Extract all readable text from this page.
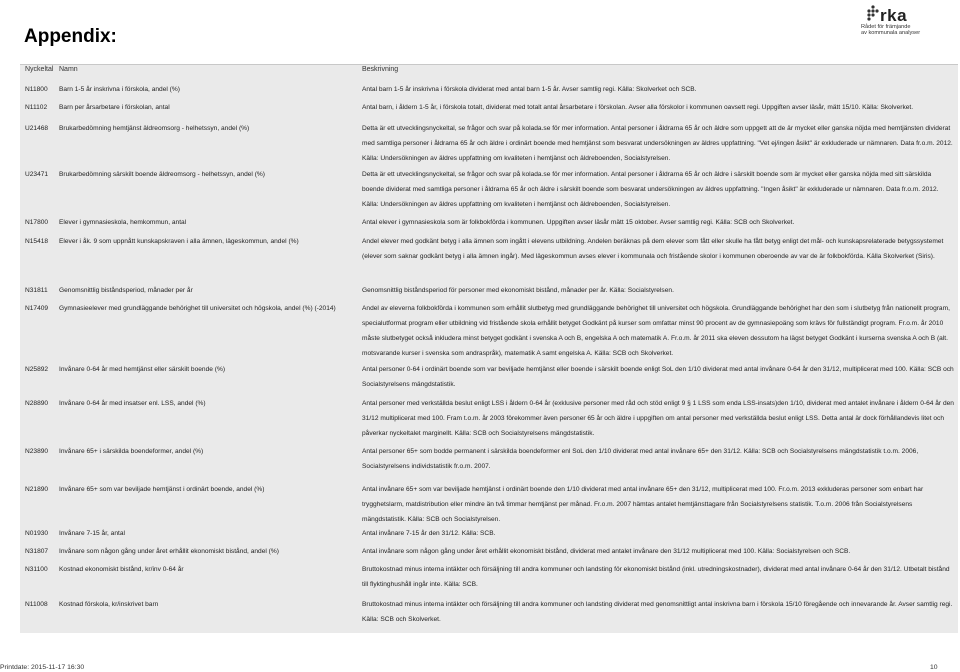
Appendix:
rka
Rådet för främjande
av kommunala analyser
Nyckeltal Namn	Beskrivning
N11800	Barn 1-5 år inskrivna i förskola, andel (%)	Antal barn 1-5 år inskrivna i förskola dividerat med antal barn 1-5 år. Avser samtlig regi. Källa: Skolverket och SCB.
N11102	Barn per årsarbetare i förskolan, antal	Antal barn, i åldern 1-5 år, i förskola totalt, dividerat med totalt antal årsarbetare i förskolan. Avser alla förskolor i kommunen oavsett regi. Uppgiften avser läsår, mätt 15/10. Källa: Skolverket.
U21468	Brukarbedömning hemtjänst äldreomsorg - helhetssyn, andel (%)	Detta är ett utvecklingsnyckeltal, se frågor och svar på kolada.se för mer information. Antal personer i åldrarna 65 år och äldre som uppgett att de är mycket eller ganska nöjda med hemtjänsten dividerat med samtliga personer i åldrarna 65 år och äldre i ordinärt boende med hemtjänst som besvarat undersökningen av äldres uppfattning. "Vet ej/ingen åsikt" är exkluderade ur nämnaren. Data fr.o.m. 2012. Källa: Undersökningen av äldres uppfattning om kvaliteten i hemtjänst och äldreboenden, Socialstyrelsen.
U23471	Brukarbedömning särskilt boende äldreomsorg - helhetssyn, andel (%)	Detta är ett utvecklingsnyckeltal, se frågor och svar på kolada.se för mer information. Antal personer i åldrarna 65 år och äldre i särskilt boende som är mycket eller ganska nöjda med sitt särskilda boende dividerat med samtliga personer i åldrarna 65 år och äldre i särskilt boende som besvarat undersökningen av äldres uppfattning. "Ingen åsikt" är exkluderade ur nämnaren. Data fr.o.m. 2012. Källa: Undersökningen av äldres uppfattning om kvaliteten i hemtjänst och äldreboenden, Socialstyrelsen.
N17800	Elever i gymnasieskola, hemkommun, antal	Antal elever i gymnasieskola som är folkbokförda i kommunen. Uppgiften avser läsår mätt 15 oktober. Avser samtlig regi. Källa: SCB och Skolverket.
N15418	Elever i åk. 9 som uppnått kunskapskraven i alla ämnen, lägeskommun, andel (%)	Andel elever med godkänt betyg i alla ämnen som ingått i elevens utbildning. Andelen beräknas på dem elever som fått eller skulle ha fått betyg enligt det mål- och kunskapsrelaterade betygssystemet (elever som saknar godkänt betyg i alla ämnen ingår). Med lägeskommun avses elever i kommunala och fristående skolor i kommunen oberoende av var de är folkbokförda. Källa Skolverket (Siris).
N31811	Genomsnittlig biståndsperiod, månader per år	Genomsnittlig biståndsperiod för personer med ekonomiskt bistånd, månader per år. Källa: Socialstyrelsen.
N17409	Gymnasieelever med grundläggande behörighet till universitet och högskola, andel (%) (-2014)	Andel av eleverna folkbokförda i kommunen som erhållit slutbetyg med grundläggande behörighet till universitet och högskola. Grundläggande behörighet har den som i slutbetyg från nationellt program, specialutformat program eller utbildning vid fristående skola erhållit betyget Godkänt på kurser som omfattar minst 90 procent av de gymnasiepoäng som krävs för fullständigt program. Fr.o.m. år 2010 måste slutbetyget också inkludera minst betyget godkänt i svenska A och B, engelska A och matematik A. Fr.o.m. år 2011 ska eleven dessutom ha lägst betyget Godkänt i kurserna svenska A och B (alt. motsvarande kurser i svenska som andraspråk), matematik A samt engelska A. Källa: SCB och Skolverket.
N25892	Invånare 0-64 år med hemtjänst eller särskilt boende (%)	Antal personer 0-64 i ordinärt boende som var beviljade hemtjänst eller boende i särskilt boende enligt SoL den 1/10 dividerat med antal invånare 0-64 år den 31/12, multiplicerat med 100. Källa: SCB och Socialstyrelsens mängdstatistik.
N28890	Invånare 0-64 år med insatser enl. LSS, andel (%)	Antal personer med verkställda beslut enligt LSS i åldern 0-64 år (exklusive personer med råd och stöd enligt 9 § 1 LSS som enda LSS-insats)den 1/10, dividerat med antalet invånare i åldern 0-64 år den 31/12 multiplicerat med 100. Fram t.o.m. år 2003 förekommer även personer 65 år och äldre i uppgiften om antal personer med verkställda beslut enligt LSS. Detta antal är dock förhållandevis litet och påverkar nyckeltalet marginellt. Källa: SCB och Socialstyrelsens mängdstatistik.
N23890	Invånare 65+ i särskilda boendeformer, andel (%)	Antal personer 65+ som bodde permanent i särskilda boendeformer enl SoL den 1/10 dividerat med antal invånare 65+ den 31/12. Källa: SCB och Socialstyrelsens mängdstatistik t.o.m. 2006, Socialstyrelsens individstatistik fr.o.m. 2007.
N21890	Invånare 65+ som var beviljade hemtjänst i ordinärt boende, andel (%)	Antal invånare 65+ som var beviljade hemtjänst i ordinärt boende den 1/10 dividerat med antal invånare 65+ den 31/12, multiplicerat med 100. Fr.o.m. 2013 exkluderas personer som enbart har trygghetslarm, matdistribution eller mindre än två timmar hemtjänst per månad. Fr.o.m. 2007 hämtas antalet hemtjänsttagare från Socialstyrelsens statistik. T.o.m. 2006 från Socialstyrelsens mängdstatistik. Källa: SCB och Socialstyrelsen.
N01930	Invånare 7-15 år, antal	Antal invånare 7-15 år den 31/12. Källa: SCB.
N31807	Invånare som någon gång under året erhållit ekonomiskt bistånd, andel (%)	Antal invånare som någon gång under året erhållit ekonomiskt bistånd, dividerat med antalet invånare den 31/12 multiplicerat med 100. Källa: Socialstyrelsen och SCB.
N31100	Kostnad ekonomiskt bistånd, kr/inv 0-64 år	Bruttokostnad minus interna intäkter och försäljning till andra kommuner och landsting för ekonomiskt bistånd (inkl. utredningskostnader), dividerat med antal invånare 0-64 år den 31/12. Utbetalt bistånd till flyktinghushåll ingår inte. Källa: SCB.
N11008	Kostnad förskola, kr/inskrivet barn	Bruttokostnad minus interna intäkter och försäljning till andra kommuner och landsting dividerat med genomsnittligt antal inskrivna barn i förskola 15/10 föregående och innevarande år. Avser samtlig regi. Källa: SCB och Skolverket.
Printdate: 2015-11-17 16:30	10
